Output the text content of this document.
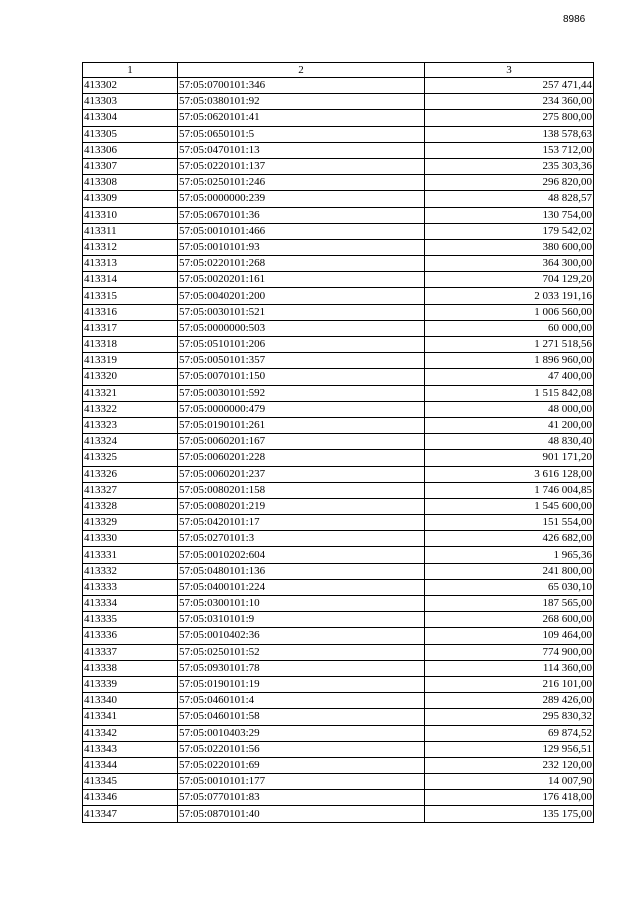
8986
1	2	3
413302	57:05:0700101:346	257 471,44
413303	57:05:0380101:92	234 360,00
413304	57:05:0620101:41	275 800,00
413305	57:05:0650101:5	138 578,63
413306	57:05:0470101:13	153 712,00
413307	57:05:0220101:137	235 303,36
413308	57:05:0250101:246	296 820,00
413309	57:05:0000000:239	48 828,57
413310	57:05:0670101:36	130 754,00
413311	57:05:0010101:466	179 542,02
413312	57:05:0010101:93	380 600,00
413313	57:05:0220101:268	364 300,00
413314	57:05:0020201:161	704 129,20
413315	57:05:0040201:200	2 033 191,16
413316	57:05:0030101:521	1 006 560,00
413317	57:05:0000000:503	60 000,00
413318	57:05:0510101:206	1 271 518,56
413319	57:05:0050101:357	1 896 960,00
413320	57:05:0070101:150	47 400,00
413321	57:05:0030101:592	1 515 842,08
413322	57:05:0000000:479	48 000,00
413323	57:05:0190101:261	41 200,00
413324	57:05:0060201:167	48 830,40
413325	57:05:0060201:228	901 171,20
413326	57:05:0060201:237	3 616 128,00
413327	57:05:0080201:158	1 746 004,85
413328	57:05:0080201:219	1 545 600,00
413329	57:05:0420101:17	151 554,00
413330	57:05:0270101:3	426 682,00
413331	57:05:0010202:604	1 965,36
413332	57:05:0480101:136	241 800,00
413333	57:05:0400101:224	65 030,10
413334	57:05:0300101:10	187 565,00
413335	57:05:0310101:9	268 600,00
413336	57:05:0010402:36	109 464,00
413337	57:05:0250101:52	774 900,00
413338	57:05:0930101:78	114 360,00
413339	57:05:0190101:19	216 101,00
413340	57:05:0460101:4	289 426,00
413341	57:05:0460101:58	295 830,32
413342	57:05:0010403:29	69 874,52
413343	57:05:0220101:56	129 956,51
413344	57:05:0220101:69	232 120,00
413345	57:05:0010101:177	14 007,90
413346	57:05:0770101:83	176 418,00
413347	57:05:0870101:40	135 175,00
